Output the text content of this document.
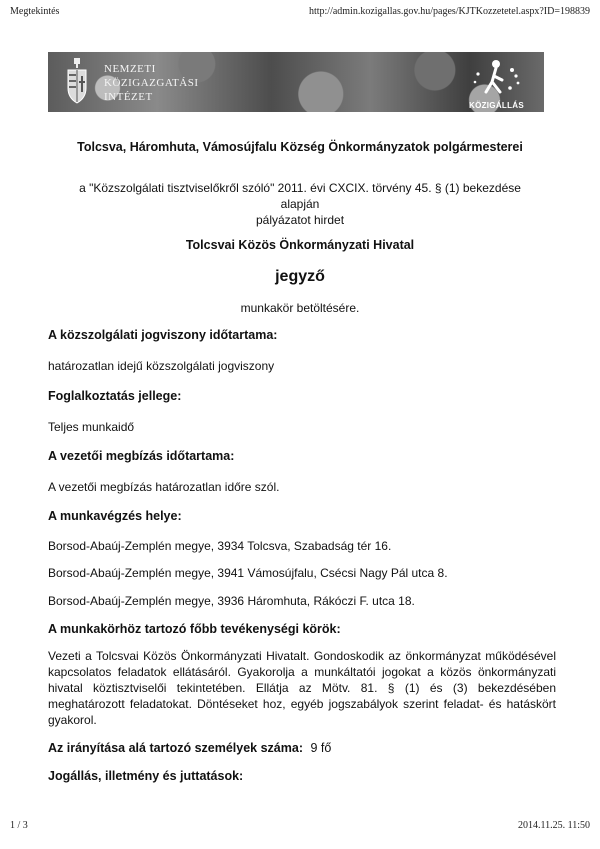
Megtekintés	http://admin.kozigallas.gov.hu/pages/KJTKozzetetel.aspx?ID=198839
NEMZETI
KÖZIGAZGATÁSI
INTÉZET
KÖZIGÁLLÁS
Tolcsva, Háromhuta, Vámosújfalu Község Önkormányzatok polgármesterei
a "Közszolgálati tisztviselőkről szóló" 2011. évi CXCIX. törvény 45. § (1) bekezdése
alapján
pályázatot hirdet
Tolcsvai Közös Önkormányzati Hivatal
jegyző
munkakör betöltésére.
A közszolgálati jogviszony időtartama:
határozatlan idejű közszolgálati jogviszony
Foglalkoztatás jellege:
Teljes munkaidő
A vezetői megbízás időtartama:
A vezetői megbízás határozatlan időre szól.
A munkavégzés helye:
Borsod-Abaúj-Zemplén megye, 3934 Tolcsva, Szabadság tér 16.
Borsod-Abaúj-Zemplén megye, 3941 Vámosújfalu, Csécsi Nagy Pál utca 8.
Borsod-Abaúj-Zemplén megye, 3936 Háromhuta, Rákóczi F. utca 18.
A munkakörhöz tartozó főbb tevékenységi körök:
Vezeti a Tolcsvai Közös Önkormányzati Hivatalt. Gondoskodik az önkormányzat működésével kapcsolatos feladatok ellátásáról. Gyakorolja a munkáltatói jogokat a közös önkormányzati hivatal köztisztviselői tekintetében. Ellátja az Mötv. 81. § (1) és (3) bekezdésében meghatározott feladatokat. Döntéseket hoz, egyéb jogszabályok szerint feladat- és hatáskört gyakorol.
Az irányítása alá tartozó személyek száma: 9 fő
Jogállás, illetmény és juttatások:
1 / 3	2014.11.25. 11:50
